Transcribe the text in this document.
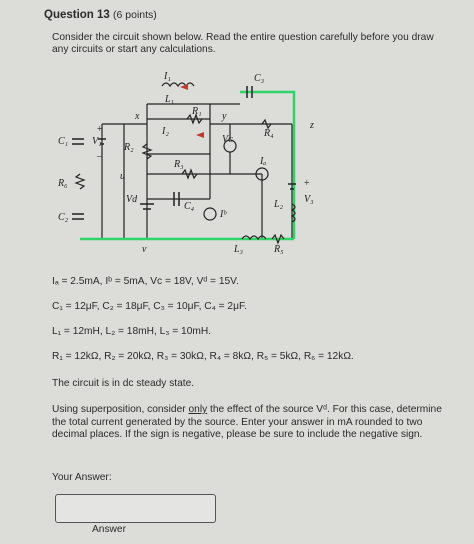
Question 13 (6 points)
Consider the circuit shown below. Read the entire question carefully before you draw any circuits or start any calculations.
I₁
L₁
C₃
R₁
x	y
z
R₄
Vᴄ
I₂
C₁ V₁
+
–
R₂
R₃
u
Iₐ
R₆
Vd
C₄	L₂ V₃
+
C₂	Iᵇ
v	L₃	R₅
Iₐ = 2.5mA, Iᵇ = 5mA, Vᴄ = 18V, Vᵈ = 15V.
C₁ = 12μF, C₂ = 18μF, C₃ = 10μF, C₄ = 2μF.
L₁ = 12mH, L₂ = 18mH, L₃ = 10mH.
R₁ = 12kΩ, R₂ = 20kΩ, R₃ = 30kΩ, R₄ = 8kΩ, R₅ = 5kΩ, R₆ = 12kΩ.
The circuit is in dc steady state.
Using superposition, consider only the effect of the source Vᵈ. For this case, determine the total current generated by the source. Enter your answer in mA rounded to two decimal places. If the sign is negative, please be sure to include the negative sign.
Your Answer:
Answer
